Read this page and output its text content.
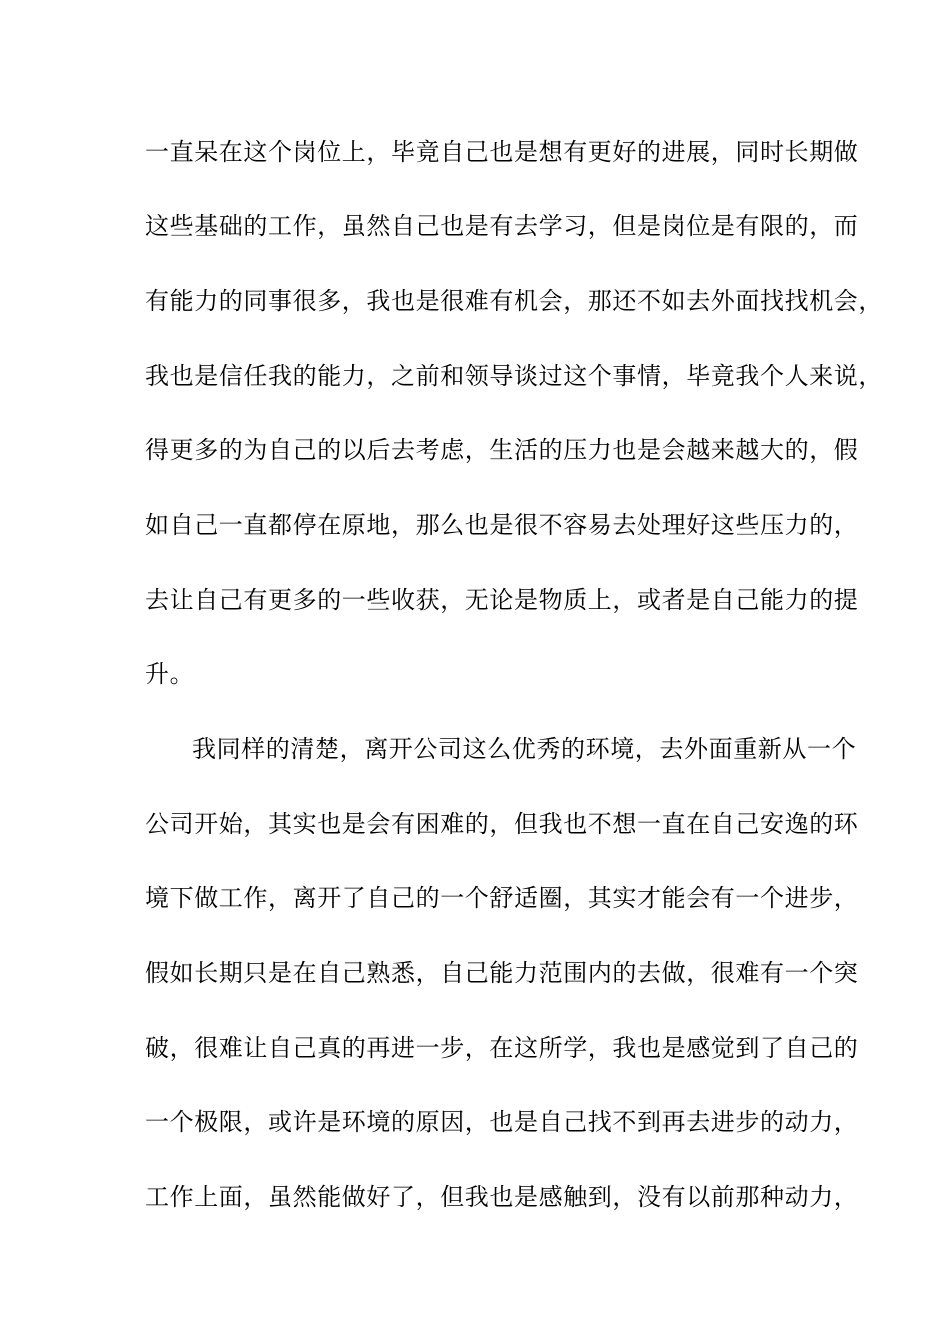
一直呆在这个岗位上，毕竟自己也是想有更好的进展，同时长期做
这些基础的工作，虽然自己也是有去学习，但是岗位是有限的，而
有能力的同事很多，我也是很难有机会，那还不如去外面找找机会，
我也是信任我的能力，之前和领导谈过这个事情，毕竟我个人来说，
得更多的为自己的以后去考虑，生活的压力也是会越来越大的，假
如自己一直都停在原地，那么也是很不容易去处理好这些压力的，
去让自己有更多的一些收获，无论是物质上，或者是自己能力的提
升。
我同样的清楚，离开公司这么优秀的环境，去外面重新从一个
公司开始，其实也是会有困难的，但我也不想一直在自己安逸的环
境下做工作，离开了自己的一个舒适圈，其实才能会有一个进步，
假如长期只是在自己熟悉，自己能力范围内的去做，很难有一个突
破，很难让自己真的再进一步，在这所学，我也是感觉到了自己的
一个极限，或许是环境的原因，也是自己找不到再去进步的动力，
工作上面，虽然能做好了，但我也是感触到，没有以前那种动力，
